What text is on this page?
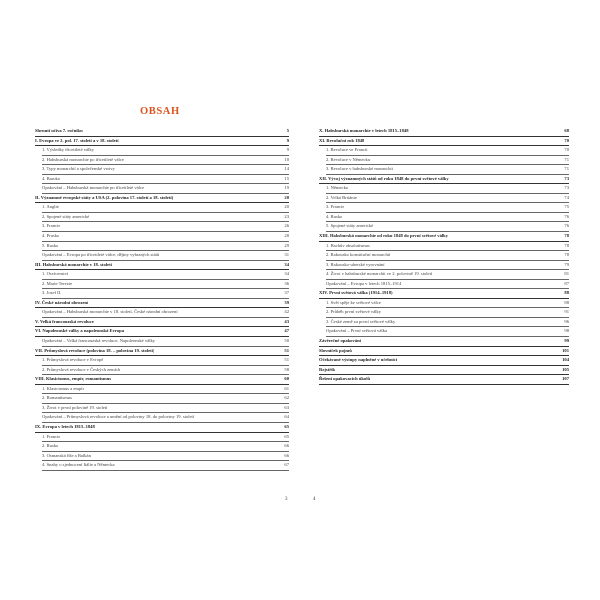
OBSAH
Shrnutí učiva 7. ročníku	5
I. Evropa ve 2. pol. 17. století a v 18. století	9
1. Výsledky třicetileté války	9
2. Habsburská monarchie po třicetileté válce	10
3. Typy monarchií a společenské vrstvy	14
4. Baroko	15
Opakování – Habsburská monarchie po třicetileté válce	19
II. Významné evropské státy a USA (2. polovina 17. století a 18. století)	20
1. Anglie	20
2. Spojené státy americké	23
3. Francie	26
4. Prusko	28
5. Rusko	29
Opakování – Evropa po třicetileté válce, dějiny vybraných států	31
III. Habsburská monarchie v 18. století	34
1. Osvícenství	34
2. Marie Terezie	36
3. Josef II.	37
IV. České národní obrození	39
Opakování – Habsburská monarchie v 18. století, České národní obrození	42
V. Velká francouzská revoluce	43
VI. Napoleonské války a napoleonská Evropa	47
Opakování – Velká francouzská revoluce, Napoleonské války	50
VII. Průmyslová revoluce (polovina 18. – polovina 19. století)	51
1. Průmyslová revoluce v Evropě	51
2. Průmyslová revoluce v Českých zemích	58
VIII. Klasicismus, empír, romantismus	60
1. Klasicismus a empír	61
2. Romantismus	62
3. Život v první polovině 19. století	63
Opakování – Průmyslová revoluce a umění od poloviny 18. do poloviny 19. století	64
IX. Evropa v letech 1815–1848	65
1. Francie	65
2. Rusko	66
3. Osmanská říše a Balkán	66
4. Snahy o sjednocení Itálie a Německa	67
X. Habsburská monarchie v letech 1815–1848	68
XI. Revoluční rok 1848	70
1. Revoluce ve Francii	70
2. Revoluce v Německu	71
3. Revoluce v habsburské monarchii	71
XII. Vývoj významných států od roku 1848 do první světové války	73
1. Německo	73
2. Velká Británie	74
3. Francie	75
4. Rusko	76
5. Spojené státy americké	76
XIII. Habsburská monarchie od roku 1848 do první světové války	78
1. Bachův absolutismus	78
2. Rakousko konstituční monarchií	78
3. Rakousko-uherské vyrovnání	79
4. Život v habsburské monarchii ve 2. polovině 19. století	81
Opakování – Evropa v letech 1815–1914	87
XIV. První světová válka (1914–1918)	88
1. Svět spěje ke světové válce	88
2. Průběh první světové války	91
3. České země za první světové války	96
Opakování – První světová válka	98
Závěrečné opakování	99
Slovníček pojmů	101
Očekávané výstupy naplněné v učebnici	104
Rejstřík	105
Řešení opakovacích úkolů	107
3	4
